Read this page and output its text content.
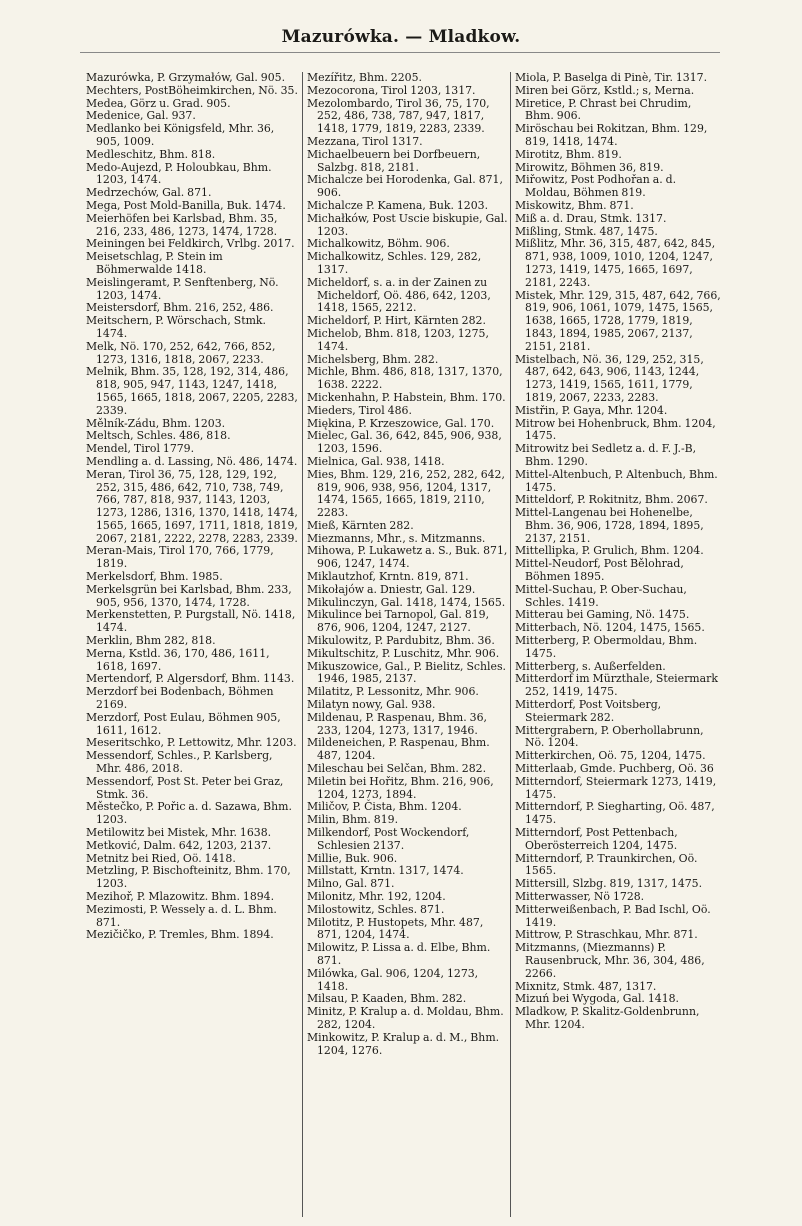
Mazurówka. — Mladkow.

Mazurówka, P. Grzymałów, Gal. 905.

Mechters, PostBöheimkirchen, Nö. 35.

Medea, Görz u. Grad. 905.

Medenice, Gal. 937.

Medlanko bei Königsfeld, Mhr. 36, 905, 1009.

Medleschitz, Bhm. 818.

Medo-Aujezd, P. Holoubkau, Bhm. 1203, 1474.

Medrzechów, Gal. 871.

Mega, Post Mold-Banilla, Buk. 1474.

Meierhöfen bei Karlsbad, Bhm. 35, 216, 233, 486, 1273, 1474, 1728.

Meiningen bei Feldkirch, Vrlbg. 2017.

Meisetschlag, P. Stein im Böhmerwalde 1418.

Meislingeramt, P. Senftenberg, Nö. 1203, 1474.

Meistersdorf, Bhm. 216, 252, 486.

Meitschern, P. Wörschach, Stmk. 1474.

Melk, Nö. 170, 252, 642, 766, 852, 1273, 1316, 1818, 2067, 2233.

Melnik, Bhm. 35, 128, 192, 314, 486, 818, 905, 947, 1143, 1247, 1418, 1565, 1665, 1818, 2067, 2205, 2283, 2339.

Mělník-Zádu, Bhm. 1203.

Meltsch, Schles. 486, 818.

Mendel, Tirol 1779.

Mendling a. d. Lassing, Nö. 486, 1474.

Meran, Tirol 36, 75, 128, 129, 192, 252, 315, 486, 642, 710, 738, 749, 766, 787, 818, 937, 1143, 1203, 1273, 1286, 1316, 1370, 1418, 1474, 1565, 1665, 1697, 1711, 1818, 1819, 2067, 2181, 2222, 2278, 2283, 2339.

Meran-Mais, Tirol 170, 766, 1779, 1819.

Merkelsdorf, Bhm. 1985.

Merkelsgrün bei Karlsbad, Bhm. 233, 905, 956, 1370, 1474, 1728.

Merkenstetten, P. Purgstall, Nö. 1418, 1474.

Merklin, Bhm 282, 818.

Merna, Kstld. 36, 170, 486, 1611, 1618, 1697.

Mertendorf, P. Algersdorf, Bhm. 1143.

Merzdorf bei Bodenbach, Böhmen 2169.

Merzdorf, Post Eulau, Böhmen 905, 1611, 1612.

Meseritschko, P. Lettowitz, Mhr. 1203.

Messendorf, Schles., P. Karlsberg, Mhr. 486, 2018.

Messendorf, Post St. Peter bei Graz, Stmk. 36.

Městečko, P. Pořic a. d. Sazawa, Bhm. 1203.

Metilowitz bei Mistek, Mhr. 1638.

Metković, Dalm. 642, 1203, 2137.

Metnitz bei Ried, Oö. 1418.

Metzling, P. Bischofteinitz, Bhm. 170, 1203.

Mezihoř, P. Mlazowitz. Bhm. 1894.

Mezimosti, P. Wessely a. d. L. Bhm. 871.

Mezičičko, P. Tremles, Bhm. 1894.

Mezířitz, Bhm. 2205.

Mezocorona, Tirol 1203, 1317.

Mezolombardo, Tirol 36, 75, 170, 252, 486, 738, 787, 947, 1817, 1418, 1779, 1819, 2283, 2339.

Mezzana, Tirol 1317.

Michaelbeuern bei Dorfbeuern, Salzbg. 818, 2181.

Michalcze bei Horodenka, Gal. 871, 906.

Michalcze P. Kamena, Buk. 1203.

Michałków, Post Uscie biskupie, Gal. 1203.

Michalkowitz, Böhm. 906.

Michalkowitz, Schles. 129, 282, 1317.

Micheldorf, s. a. in der Zainen zu Micheldorf, Oö. 486, 642, 1203, 1418, 1565, 2212.

Micheldorf, P. Hirt, Kärnten 282.

Michelob, Bhm. 818, 1203, 1275, 1474.

Michelsberg, Bhm. 282.

Michle, Bhm. 486, 818, 1317, 1370, 1638. 2222.

Mickenhahn, P. Habstein, Bhm. 170.

Mieders, Tirol 486.

Miękina, P. Krzeszowice, Gal. 170.

Mielec, Gal. 36, 642, 845, 906, 938, 1203, 1596.

Mielnica, Gal. 938, 1418.

Mies, Bhm. 129, 216, 252, 282, 642, 819, 906, 938, 956, 1204, 1317, 1474, 1565, 1665, 1819, 2110, 2283.

Mieß, Kärnten 282.

Miezmanns, Mhr., s. Mitzmanns.

Mihowa, P. Lukawetz a. S., Buk. 871, 906, 1247, 1474.

Miklautzhof, Krntn. 819, 871.

Mikołajów a. Dniestr, Gal. 129.

Mikulinczyn, Gal. 1418, 1474, 1565.

Mikulince bei Tarnopol, Gal. 819, 876, 906, 1204, 1247, 2127.

Mikulowitz, P. Pardubitz, Bhm. 36.

Mikultschitz, P. Luschitz, Mhr. 906.

Mikuszowice, Gal., P. Bielitz, Schles. 1946, 1985, 2137.

Milatitz, P. Lessonitz, Mhr. 906.

Milatyn nowy, Gal. 938.

Mildenau, P. Raspenau, Bhm. 36, 233, 1204, 1273, 1317, 1946.

Mildeneichen, P. Raspenau, Bhm. 487, 1204.

Mileschau bei Selčan, Bhm. 282.

Miletin bei Hořitz, Bhm. 216, 906, 1204, 1273, 1894.

Miličov, P. Čista, Bhm. 1204.

Milin, Bhm. 819.

Milkendorf, Post Wockendorf, Schlesien 2137.

Millie, Buk. 906.

Millstatt, Krntn. 1317, 1474.

Milno, Gal. 871.

Milonitz, Mhr. 192, 1204.

Milostowitz, Schles. 871.

Milotitz, P. Hustopets, Mhr. 487, 871, 1204, 1474.

Milowitz, P. Lissa a. d. Elbe, Bhm. 871.

Milówka, Gal. 906, 1204, 1273, 1418.

Milsau, P. Kaaden, Bhm. 282.

Minitz, P. Kralup a. d. Moldau, Bhm. 282, 1204.

Minkowitz, P. Kralup a. d. M., Bhm. 1204, 1276.

Miola, P. Baselga di Pinè, Tir. 1317.

Miren bei Görz, Kstld.; s, Merna.

Miretice, P. Chrast bei Chrudim, Bhm. 906.

Miröschau bei Rokitzan, Bhm. 129, 819, 1418, 1474.

Mirotitz, Bhm. 819.

Mirowitz, Böhmen 36, 819.

Miřowitz, Post Podhořan a. d. Moldau, Böhmen 819.

Miskowitz, Bhm. 871.

Miß a. d. Drau, Stmk. 1317.

Mißling, Stmk. 487, 1475.

Mißlitz, Mhr. 36, 315, 487, 642, 845, 871, 938, 1009, 1010, 1204, 1247, 1273, 1419, 1475, 1665, 1697, 2181, 2243.

Mistek, Mhr. 129, 315, 487, 642, 766, 819, 906, 1061, 1079, 1475, 1565, 1638, 1665, 1728, 1779, 1819, 1843, 1894, 1985, 2067, 2137, 2151, 2181.

Mistelbach, Nö. 36, 129, 252, 315, 487, 642, 643, 906, 1143, 1244, 1273, 1419, 1565, 1611, 1779, 1819, 2067, 2233, 2283.

Mistřin, P. Gaya, Mhr. 1204.

Mitrow bei Hohenbruck, Bhm. 1204, 1475.

Mitrowitz bei Sedletz a. d. F. J.-B, Bhm. 1290.

Mittel-Altenbuch, P. Altenbuch, Bhm. 1475.

Mitteldorf, P. Rokitnitz, Bhm. 2067.

Mittel-Langenau bei Hohenelbe, Bhm. 36, 906, 1728, 1894, 1895, 2137, 2151.

Mittellipka, P. Grulich, Bhm. 1204.

Mittel-Neudorf, Post Bělohrad, Böhmen 1895.

Mittel-Suchau, P. Ober-Suchau, Schles. 1419.

Mitterau bei Gaming, Nö. 1475.

Mitterbach, Nö. 1204, 1475, 1565.

Mitterberg, P. Obermoldau, Bhm. 1475.

Mitterberg, s. Außerfelden.

Mitterdorf im Mürzthale, Steiermark 252, 1419, 1475.

Mitterdorf, Post Voitsberg, Steiermark 282.

Mittergrabern, P. Oberhollabrunn, Nö. 1204.

Mitterkirchen, Oö. 75, 1204, 1475.

Mitterlaab, Gmde. Puchberg, Oö. 36

Mitterndorf, Steiermark 1273, 1419, 1475.

Mitterndorf, P. Siegharting, Oö. 487, 1475.

Mitterndorf, Post Pettenbach, Oberösterreich 1204, 1475.

Mitterndorf, P. Traunkirchen, Oö. 1565.

Mittersill, Slzbg. 819, 1317, 1475.

Mitterwasser, Nö 1728.

Mitterweißenbach, P. Bad Ischl, Oö. 1419.

Mittrow, P. Straschkau, Mhr. 871.

Mitzmanns, (Miezmanns) P. Rausenbruck, Mhr. 36, 304, 486, 2266.

Mixnitz, Stmk. 487, 1317.

Mizuń bei Wygoda, Gal. 1418.

Mladkow, P. Skalitz-Goldenbrunn, Mhr. 1204.
